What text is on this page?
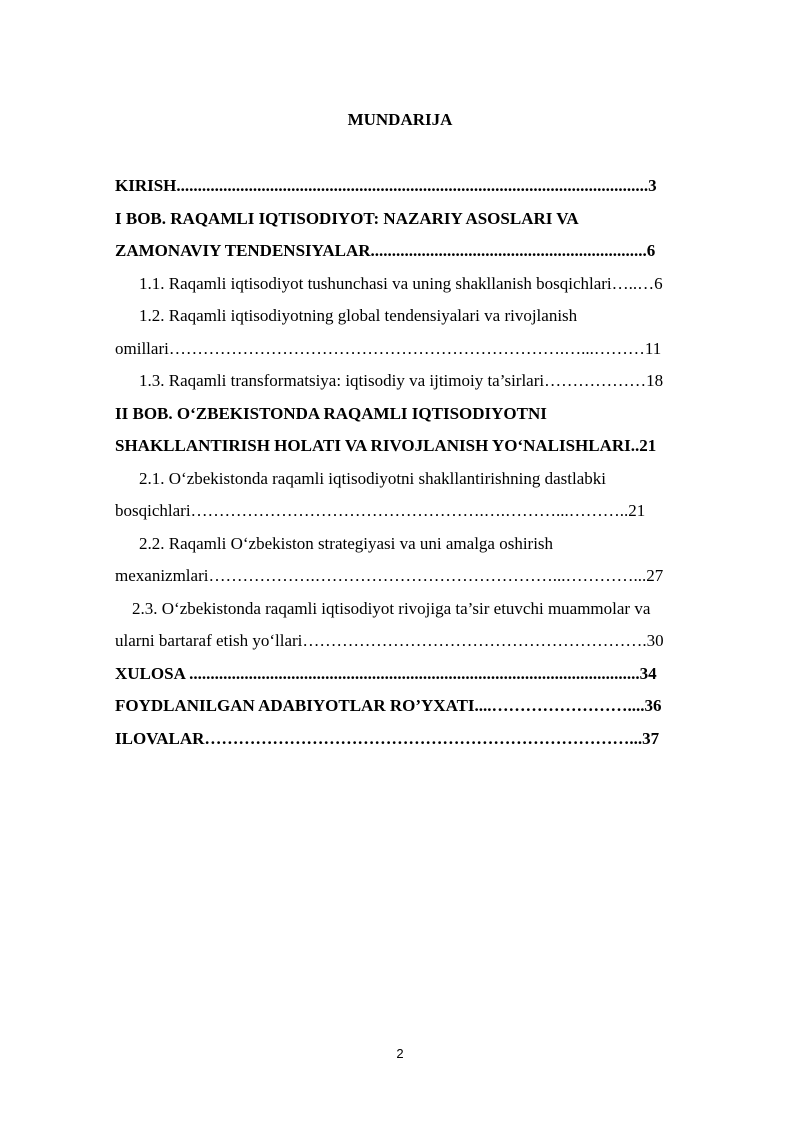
MUNDARIJA
KIRISH...............................................................................................................3
I BOB. RAQAMLI IQTISODIYOT: NAZARIY ASOSLARI VA
ZAMONAVIY TENDENSIYALAR.................................................................6
1.1. Raqamli iqtisodiyot tushunchasi va uning shakllanish bosqichlari…..…6
1.2. Raqamli iqtisodiyotning global tendensiyalari va rivojlanish
omillari…………………………………………………………….…...………11
1.3. Raqamli transformatsiya: iqtisodiy va ijtimoiy ta’sirlari………………18
II BOB. O‘ZBEKISTONDA RAQAMLI IQTISODIYOTNI
SHAKLLANTIRISH HOLATI VA RIVOJLANISH YO‘NALISHLARI..21
2.1. O‘zbekistonda raqamli iqtisodiyotni shakllantirishning dastlabki
bosqichlari…………………………………………….….………...………..21
2.2. Raqamli O‘zbekiston strategiyasi va uni amalga oshirish
mexanizmlari……………….……………………………………...…………...27
2.3. O‘zbekistonda raqamli iqtisodiyot rivojiga ta’sir etuvchi muammolar va
ularni bartaraf etish yo‘llari…………………………………………………….30
XULOSA ..........................................................................................................34
FOYDLANILGAN ADABIYOTLAR RO’YXATI....……………………....36
ILOVALAR…………………………………………………………………...37
2
